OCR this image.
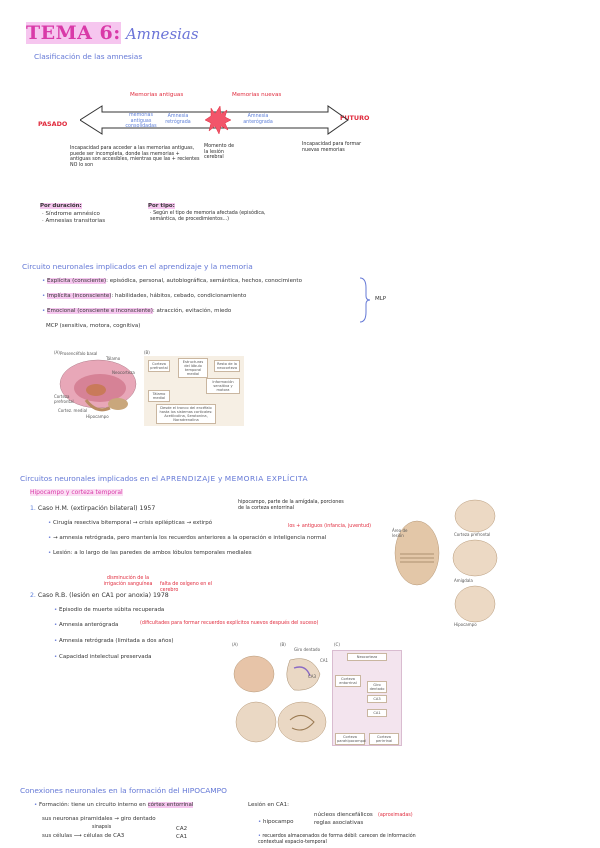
TEMA 6: Amnesias
Clasificación de las amnesias
Memorias antiguas	Memorias nuevas
PASADO
FUTURO
memorias antiguas consolidadas
Amnesia retrógrada
Amnesia anterógrada
Momento de la lesión cerebral
Incapacidad para acceder a las memorias antiguas, puede ser incompleta, donde las memorias + antiguas son accesibles, mientras que las + recientes NO lo son
Incapacidad para formar nuevas memorias
Por duración:
· Síndrome amnésico
· Amnesias transitorias
Por tipo:
· Según el tipo de memoria afectada (episódica, semántica, de procedimientos...)
Circuito neuronales implicados en el aprendizaje y la memoria
• Explícita (consciente): episódica, personal, autobiográfica, semántica, hechos, conocimiento
• Implícita (inconsciente): habilidades, hábitos, cebado, condicionamiento
• Emocional (consciente e inconsciente): atracción, evitación, miedo
MCP (sensitiva, motora, cognitiva)
MLP
(A) Prosencéfalo basal
Tálamo
Neocorteza
Corteza prefrontal
Cortez. medial
Hipocampo
(B)
Corteza prefrontal
Estructuras del lóbulo temporal medial
Resto de la neocorteza
Información sensitiva y motora
Tálamo medial
Desde el tronco del encéfalo hasta los sistemas corticales: Acetilcolina, Serotonina, Noradrenalina
Circuitos neuronales implicados en el APRENDIZAJE y MEMORIA EXPLÍCITA
Hipocampo y corteza temporal
1. Caso H.M. (extirpación bilateral) 1957
hipocampo, parte de la amígdala, porciones de la corteza entorrinal
los + antiguos (infancia, juventud)
• Cirugía resectiva bitemporal → crisis epilépticas → extirpó
• → amnesia retrógrada, pero mantenía los recuerdos anteriores a la operación e inteligencia normal
• Lesión: a lo largo de las paredes de ambos lóbulos temporales mediales
disminución de la irrigación sanguínea	falta de oxígeno en el cerebro
2. Caso R.B. (lesión en CA1 por anoxia) 1978
• Episodio de muerte súbita recuperada
• Amnesia anterógrada	(dificultades para formar recuerdos explícitos nuevos después del suceso)
• Amnesia retrógrada (limitada a dos años)
• Capacidad intelectual preservada
Área de lesión	Corteza prefrontal
Amígdala
Hipocampo
(A)	(B)	(C)
Giro dentado
CA3
CA1
Neocorteza
Corteza entorrinal	Giro dentado
CA3
CA1
Corteza parahipocampal
Corteza perirrinal
Conexiones neuronales en la formación del HIPOCAMPO
• Formación: tiene un circuito interno en córtex entorrinal
sus neuronas piramidales → giro dentado
sinapsis
sus células ⟶ células de CA3
CA2
CA1
Lesión en CA1:
• hipocampo
núcleos diencefálicos
reglas asociativas
(aproximadas)
• recuerdos almacenados de forma débil: carecen de información contextual espacio-temporal
